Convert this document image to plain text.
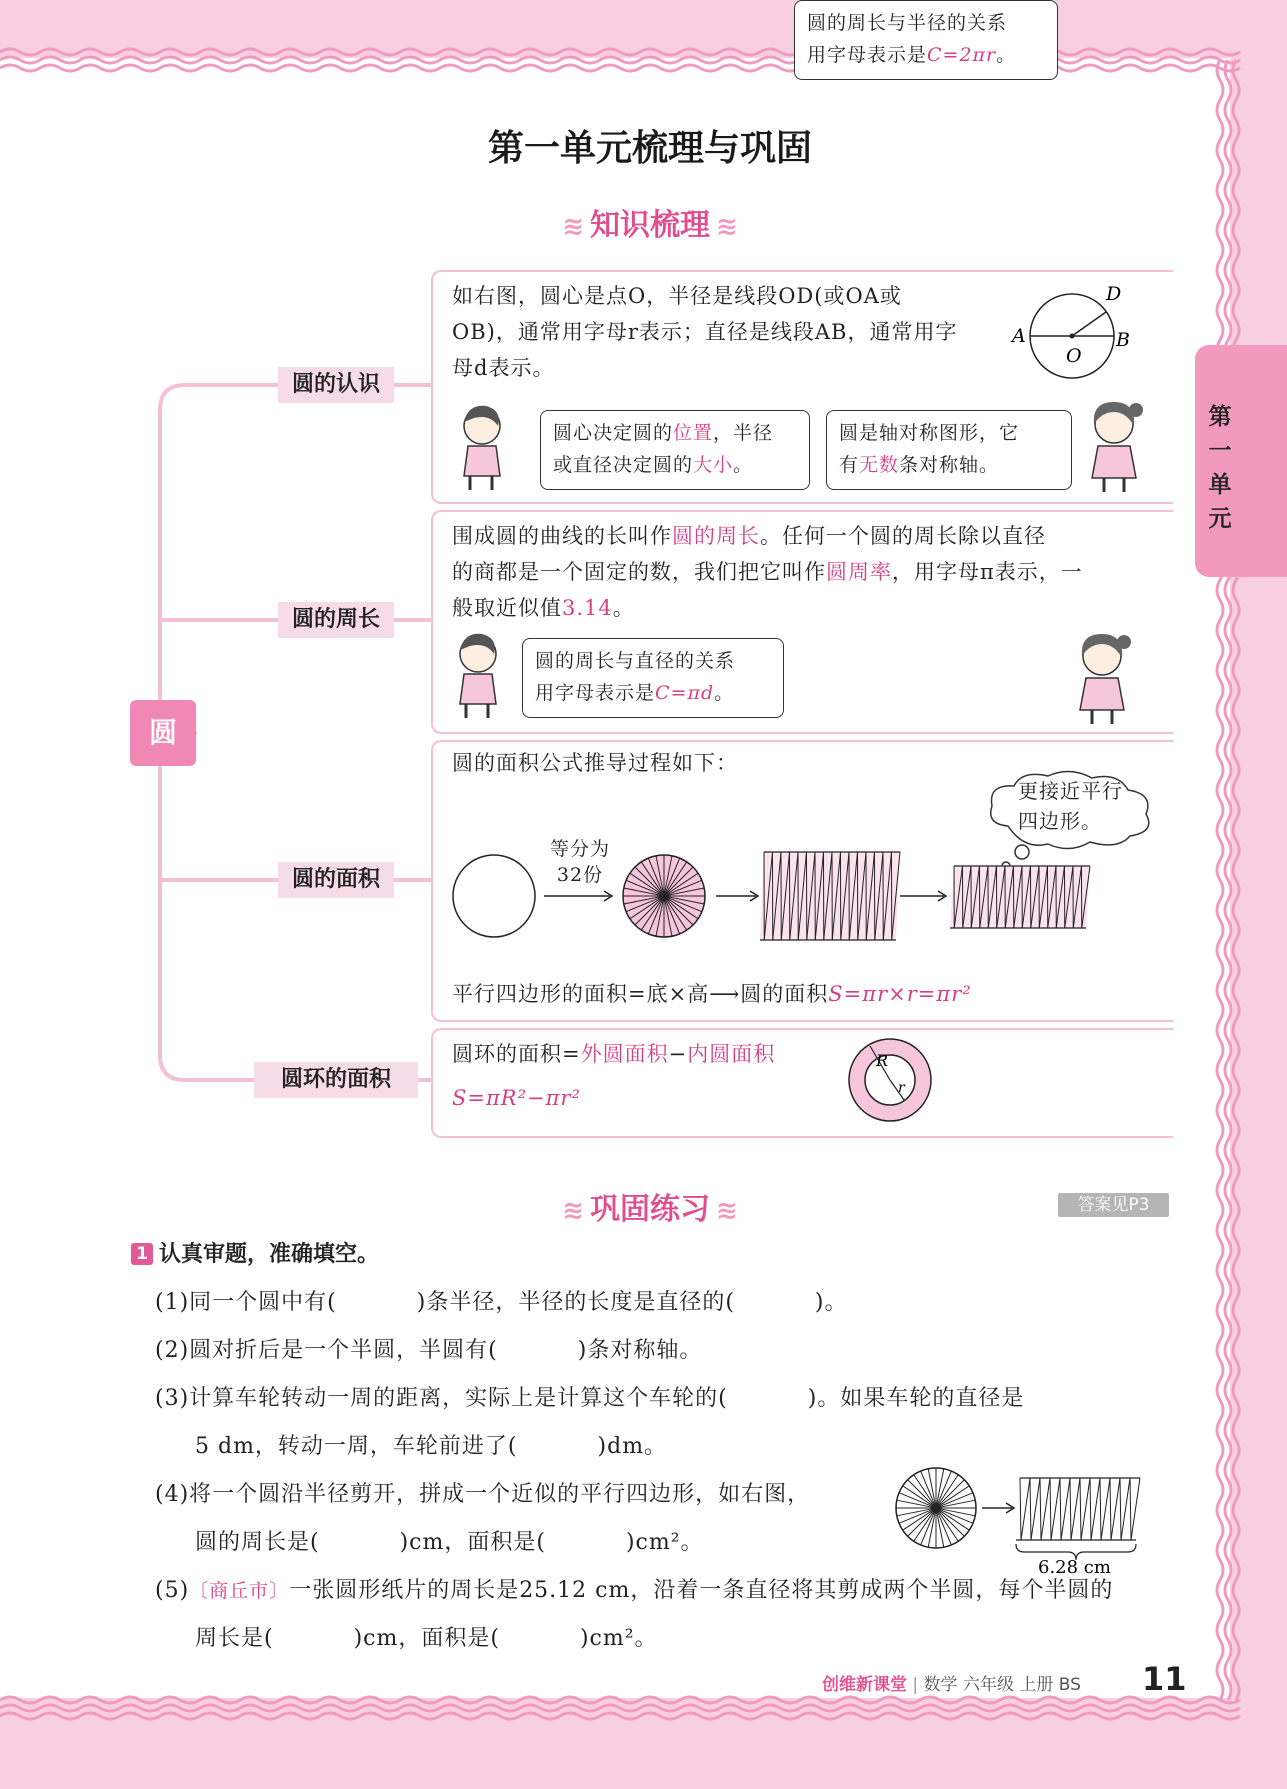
第一单元梳理与巩固
≋ 知识梳理 ≋
第
一
单
元
圆
圆的认识
圆的周长
圆的面积
圆环的面积
如右图，圆心是点O，半径是线段OD(或OA或
OB)，通常用字母r表示；直径是线段AB，通常用字
母d表示。
A	B
D
O
圆心决定圆的位置，半径
或直径决定圆的大小。
圆是轴对称图形，它
有无数条对称轴。
围成圆的曲线的长叫作圆的周长。任何一个圆的周长除以直径
的商都是一个固定的数，我们把它叫作圆周率，用字母π表示，一
般取近似值3.14。
圆的周长与直径的关系
用字母表示是C=πd。
圆的周长与半径的关系
用字母表示是C=2πr。
圆的面积公式推导过程如下：
更接近平行
四边形。
等分为
32份
平行四边形的面积=底×高⟶圆的面积S=πr×r=πr²
圆环的面积=外圆面积−内圆面积
S=πR²−πr²
R
r
≋ 巩固练习 ≋	答案见P3
1 认真审题，准确填空。
(1)同一个圆中有(	)条半径，半径的长度是直径的(	)。
(2)圆对折后是一个半圆，半圆有(	)条对称轴。
(3)计算车轮转动一周的距离，实际上是计算这个车轮的(	)。如果车轮的直径是
5 dm，转动一周，车轮前进了(	)dm。
(4)将一个圆沿半径剪开，拼成一个近似的平行四边形，如右图，
圆的周长是(	)cm，面积是(	)cm²。
6.28 cm
(5)〔商丘市〕一张圆形纸片的周长是25.12 cm，沿着一条直径将其剪成两个半圆，每个半圆的
周长是(	)cm，面积是(	)cm²。
创维新课堂 | 数学 六年级 上册 BS 11
